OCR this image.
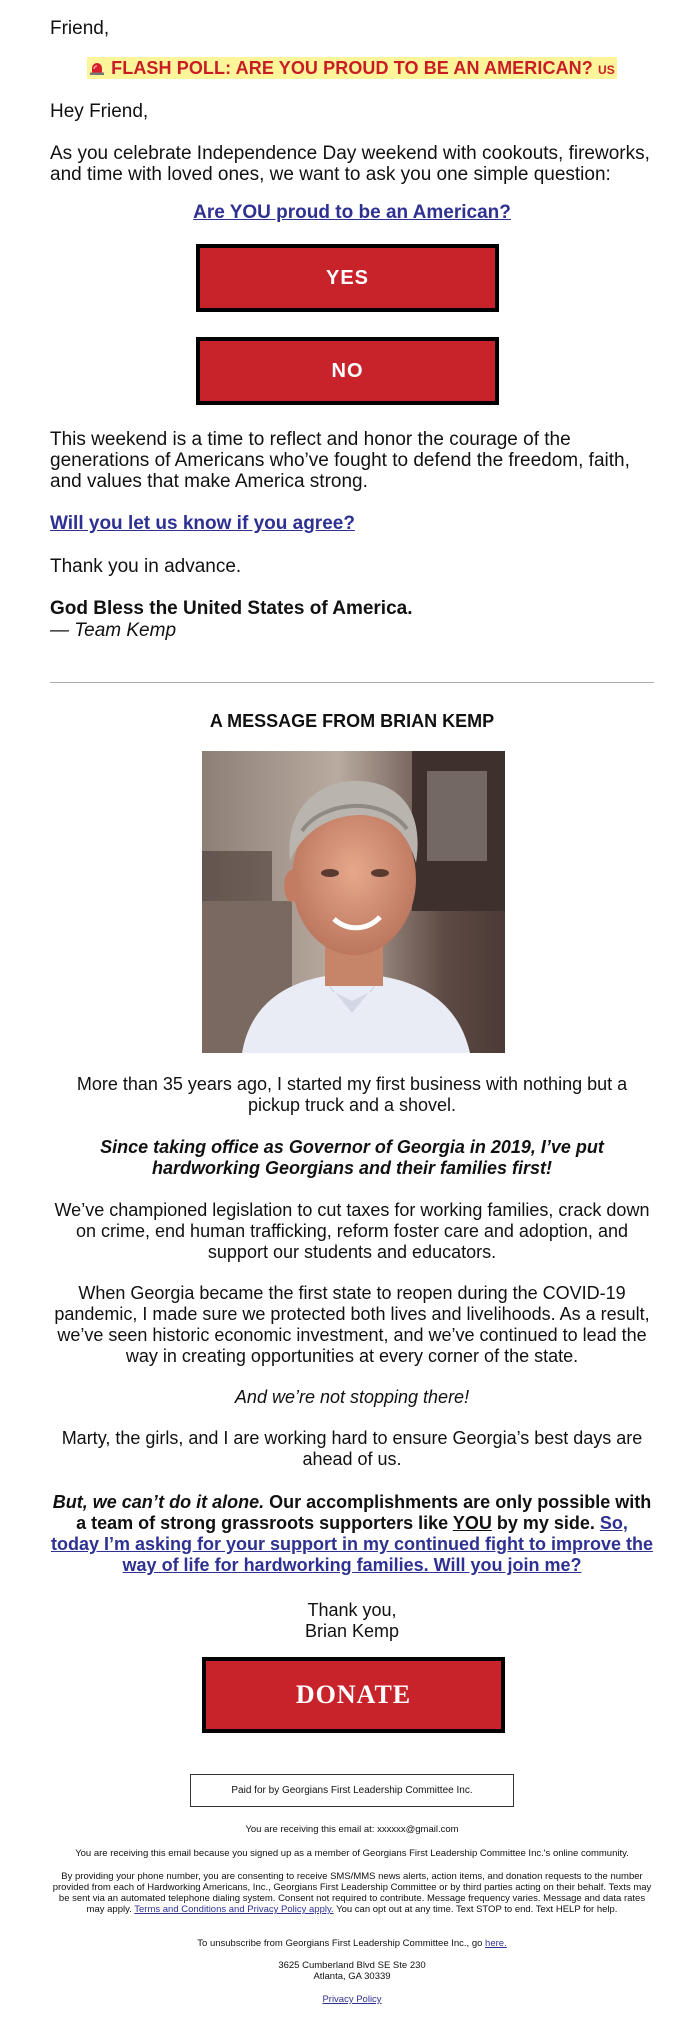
Friend,

FLASH POLL: ARE YOU PROUD TO BE AN AMERICAN? US

Hey Friend,

As you celebrate Independence Day weekend with cookouts, fireworks, and time with loved ones, we want to ask you one simple question:

Are YOU proud to be an American?
YES
NO

This weekend is a time to reflect and honor the courage of the generations of Americans who’ve fought to defend the freedom, faith, and values that make America strong.

Will you let us know if you agree?

Thank you in advance.

God Bless the United States of America.

— Team Kemp

A MESSAGE FROM BRIAN KEMP

More than 35 years ago, I started my first business with nothing but a pickup truck and a shovel.

Since taking office as Governor of Georgia in 2019, I’ve put hardworking Georgians and their families first!

We’ve championed legislation to cut taxes for working families, crack down on crime, end human trafficking, reform foster care and adoption, and support our students and educators.

When Georgia became the first state to reopen during the COVID-19 pandemic, I made sure we protected both lives and livelihoods. As a result, we’ve seen historic economic investment, and we’ve continued to lead the way in creating opportunities at every corner of the state.

And we’re not stopping there!

Marty, the girls, and I are working hard to ensure Georgia’s best days are ahead of us.

But, we can’t do it alone. Our accomplishments are only possible with a team of strong grassroots supporters like YOU by my side. So, today I’m asking for your support in my continued fight to improve the way of life for hardworking families. Will you join me?

Thank you,
Brian Kemp

DONATE
Paid for by Georgians First Leadership Committee Inc.

You are receiving this email at: xxxxxx@gmail.com

You are receiving this email because you signed up as a member of Georgians First Leadership Committee Inc.'s online community.

By providing your phone number, you are consenting to receive SMS/MMS news alerts, action items, and donation requests to the number provided from each of Hardworking Americans, Inc., Georgians First Leadership Committee or by third parties acting on their behalf. Texts may be sent via an automated telephone dialing system. Consent not required to contribute. Message frequency varies. Message and data rates may apply. Terms and Conditions and Privacy Policy apply. You can opt out at any time. Text STOP to end. Text HELP for help.

To unsubscribe from Georgians First Leadership Committee Inc., go here.

3625 Cumberland Blvd SE Ste 230
Atlanta, GA 30339

Privacy Policy
